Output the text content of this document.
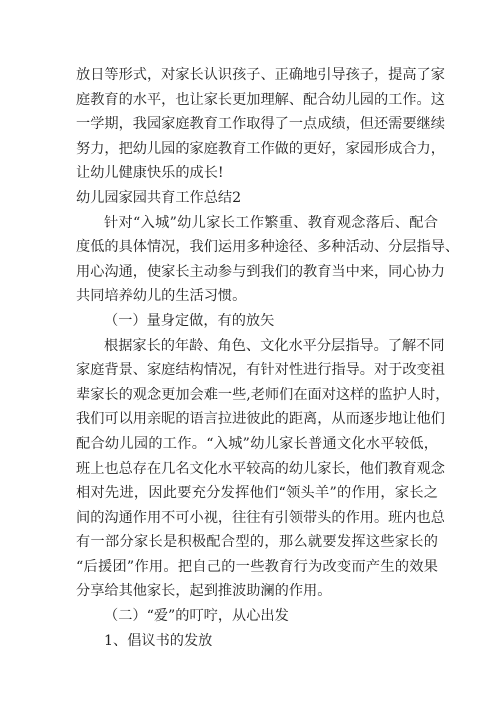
放日等形式，对家长认识孩子、正确地引导孩子，提高了家
庭教育的水平，也让家长更加理解、配合幼儿园的工作。这
一学期，我园家庭教育工作取得了一点成绩，但还需要继续
努力，把幼儿园的家庭教育工作做的更好，家园形成合力，
让幼儿健康快乐的成长!
幼儿园家园共育工作总结2
针对“入城”幼儿家长工作繁重、教育观念落后、配合
度低的具体情况，我们运用多种途径、多种活动、分层指导、
用心沟通，使家长主动参与到我们的教育当中来，同心协力
共同培养幼儿的生活习惯。
（一）量身定做，有的放矢
根据家长的年龄、角色、文化水平分层指导。了解不同
家庭背景、家庭结构情况，有针对性进行指导。对于改变祖
辈家长的观念更加会难一些,老师们在面对这样的监护人时，
我们可以用亲昵的语言拉进彼此的距离，从而逐步地让他们
配合幼儿园的工作。“入城”幼儿家长普通文化水平较低，
班上也总存在几名文化水平较高的幼儿家长，他们教育观念
相对先进，因此要充分发挥他们“领头羊”的作用，家长之
间的沟通作用不可小视，往往有引领带头的作用。班内也总
有一部分家长是积极配合型的，那么就要发挥这些家长的
“后援团”作用。把自己的一些教育行为改变而产生的效果
分享给其他家长，起到推波助澜的作用。
（二）“爱”的叮咛，从心出发
1、倡议书的发放
